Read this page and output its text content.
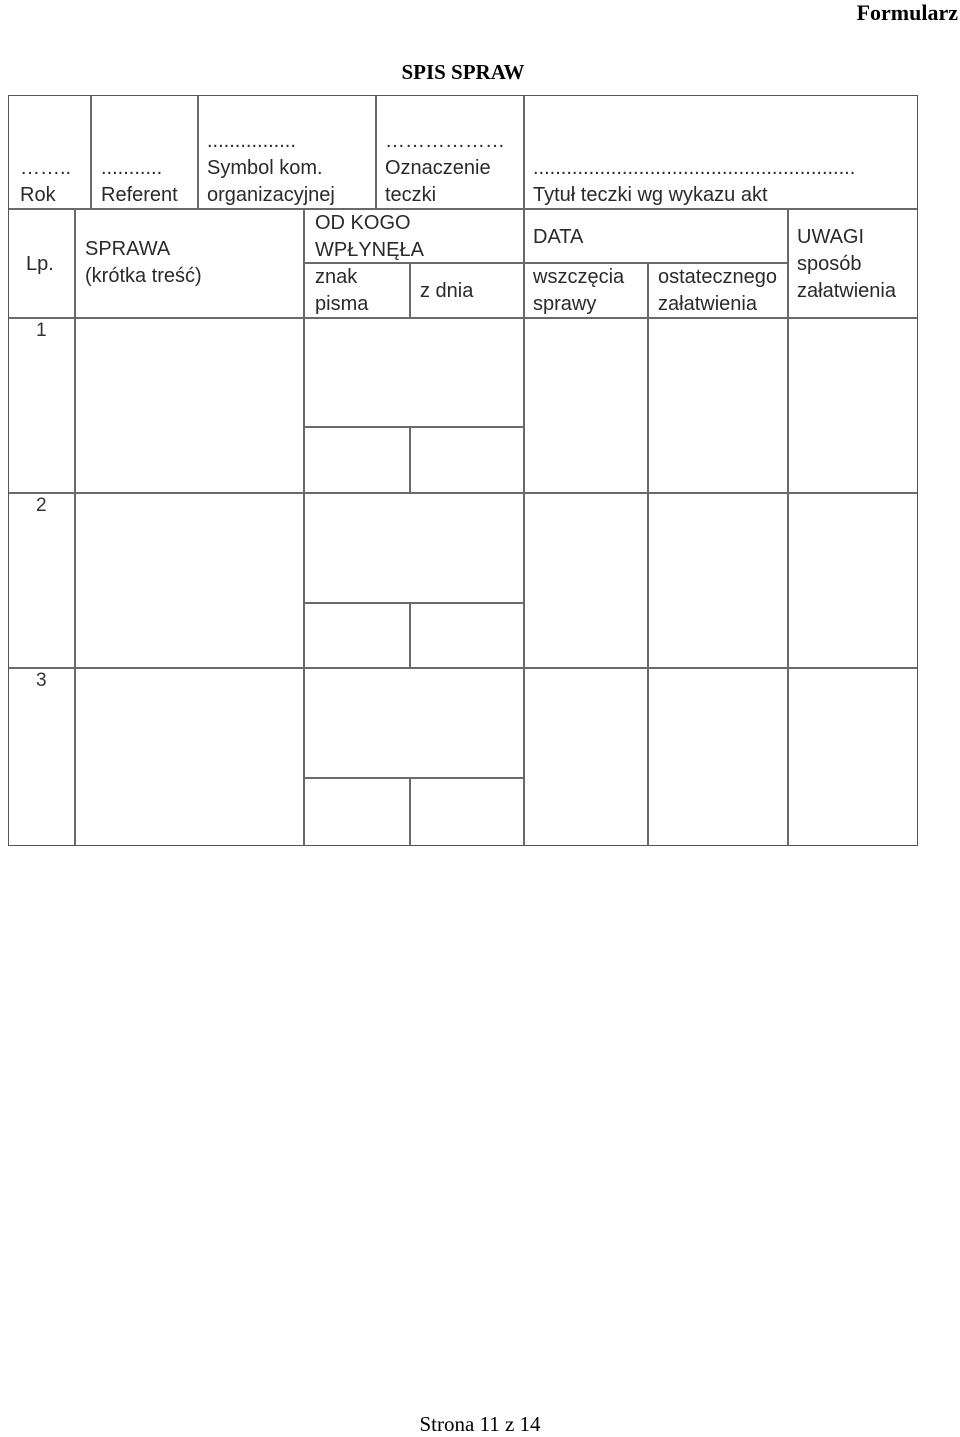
Formularz
SPIS SPRAW
……..
Rok
...........
Referent
................
Symbol kom.
organizacyjnej
………………
Oznaczenie
teczki
..........................................................
Tytuł teczki wg wykazu akt
Lp.
SPRAWA
(krótka treść)
OD KOGO
WPŁYNĘŁA
znak
pisma
z dnia
DATA
wszczęcia
sprawy
ostatecznego
załatwienia
UWAGI
sposób
załatwienia
1
2
3
Strona 11 z 14
